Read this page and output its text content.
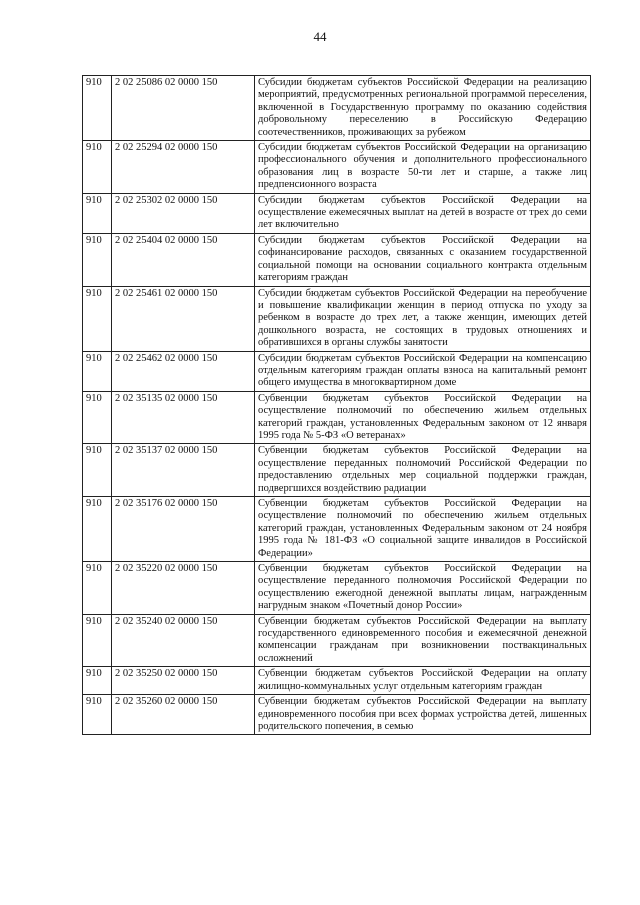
44
910	2 02 25086 02 0000 150	Субсидии бюджетам субъектов Российской Федерации на реализацию мероприятий, предусмотренных региональной программой переселения, включенной в Государственную программу по оказанию содействия добровольному переселению в Российскую Федерацию соотечественников, проживающих за рубежом
910	2 02 25294 02 0000 150	Субсидии бюджетам субъектов Российской Федерации на организацию профессионального обучения и дополнительного профессионального образования лиц в возрасте 50-ти лет и старше, а также лиц предпенсионного возраста
910	2 02 25302 02 0000 150	Субсидии бюджетам субъектов Российской Федерации на осуществление ежемесячных выплат на детей в возрасте от трех до семи лет включительно
910	2 02 25404 02 0000 150	Субсидии бюджетам субъектов Российской Федерации на софинансирование расходов, связанных с оказанием государственной социальной помощи на основании социального контракта отдельным категориям граждан
910	2 02 25461 02 0000 150	Субсидии бюджетам субъектов Российской Федерации на переобучение и повышение квалификации женщин в период отпуска по уходу за ребенком в возрасте до трех лет, а также женщин, имеющих детей дошкольного возраста, не состоящих в трудовых отношениях и обратившихся в органы службы занятости
910	2 02 25462 02 0000 150	Субсидии бюджетам субъектов Российской Федерации на компенсацию отдельным категориям граждан оплаты взноса на капитальный ремонт общего имущества в многоквартирном доме
910	2 02 35135 02 0000 150	Субвенции бюджетам субъектов Российской Федерации на осуществление полномочий по обеспечению жильем отдельных категорий граждан, установленных Федеральным законом от 12 января 1995 года № 5-ФЗ «О ветеранах»
910	2 02 35137 02 0000 150	Субвенции бюджетам субъектов Российской Федерации на осуществление переданных полномочий Российской Федерации по предоставлению отдельных мер социальной поддержки граждан, подвергшихся воздействию радиации
910	2 02 35176 02 0000 150	Субвенции бюджетам субъектов Российской Федерации на осуществление полномочий по обеспечению жильем отдельных категорий граждан, установленных Федеральным законом от 24 ноября 1995 года № 181-ФЗ «О социальной защите инвалидов в Российской Федерации»
910	2 02 35220 02 0000 150	Субвенции бюджетам субъектов Российской Федерации на осуществление переданного полномочия Российской Федерации по осуществлению ежегодной денежной выплаты лицам, награжденным нагрудным знаком «Почетный донор России»
910	2 02 35240 02 0000 150	Субвенции бюджетам субъектов Российской Федерации на выплату государственного единовременного пособия и ежемесячной денежной компенсации гражданам при возникновении поствакцинальных осложнений
910	2 02 35250 02 0000 150	Субвенции бюджетам субъектов Российской Федерации на оплату жилищно-коммунальных услуг отдельным категориям граждан
910	2 02 35260 02 0000 150	Субвенции бюджетам субъектов Российской Федерации на выплату единовременного пособия при всех формах устройства детей, лишенных родительского попечения, в семью
